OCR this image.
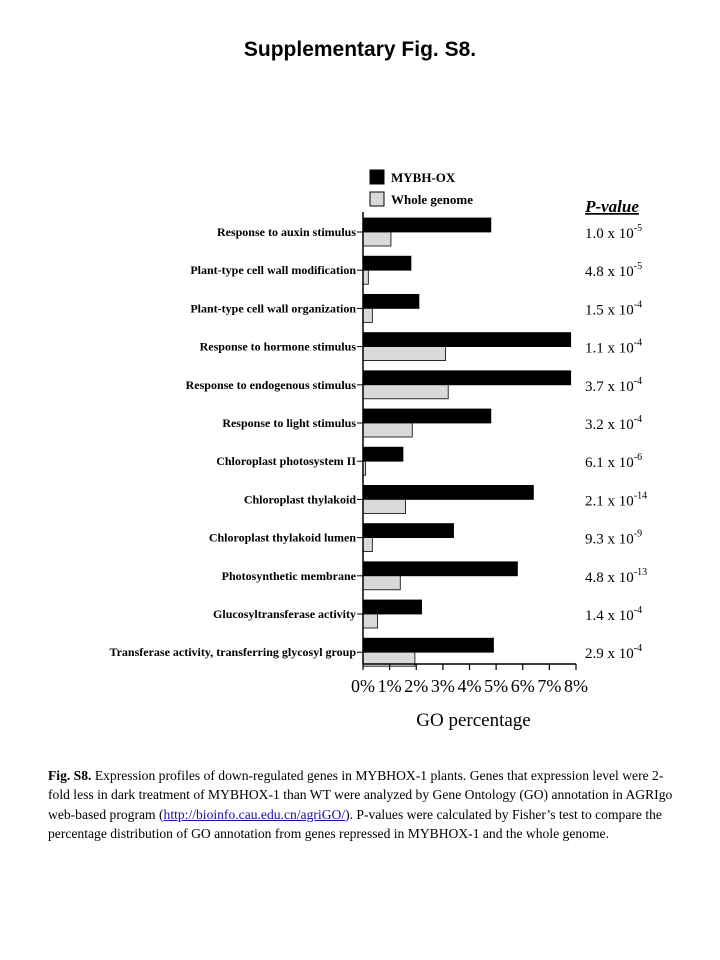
Supplementary Fig. S8.
MYBH-OX
Whole genome
Response to auxin stimulus
Plant-type cell wall modification
Plant-type cell wall organization
Response to hormone stimulus
Response to endogenous stimulus
Response to light stimulus
Chloroplast photosystem II
Chloroplast thylakoid
Chloroplast thylakoid lumen
Photosynthetic membrane
Glucosyltransferase activity
Transferase activity, transferring glycosyl group
P-value
1.0 x $10^{-5}$
4.8 x $10^{-5}$
1.5 x $10^{-4}$
1.1 x $10^{-4}$
3.7 x $10^{-4}$
3.2 x $10^{-4}$
6.1 x $10^{-6}$
2.1 x $10^{-14}$
9.3 x $10^{-9}$
4.8 x $10^{-13}$
1.4 x $10^{-4}$
2.9 x $10^{-4}$
0% 1% 2% 3% 4% 5% 6% 7% 8%
GO percentage
Fig. S8. Expression profiles of down-regulated genes in MYBHOX-1 plants. Genes that expression level were 2-fold less in dark treatment of MYBHOX-1 than WT were analyzed by Gene Ontology (GO) annotation in AGRIgo web-based program (http://bioinfo.cau.edu.cn/agriGO/). P-values were calculated by Fisher’s test to compare the percentage distribution of GO annotation from genes repressed in MYBHOX-1 and the whole genome.
